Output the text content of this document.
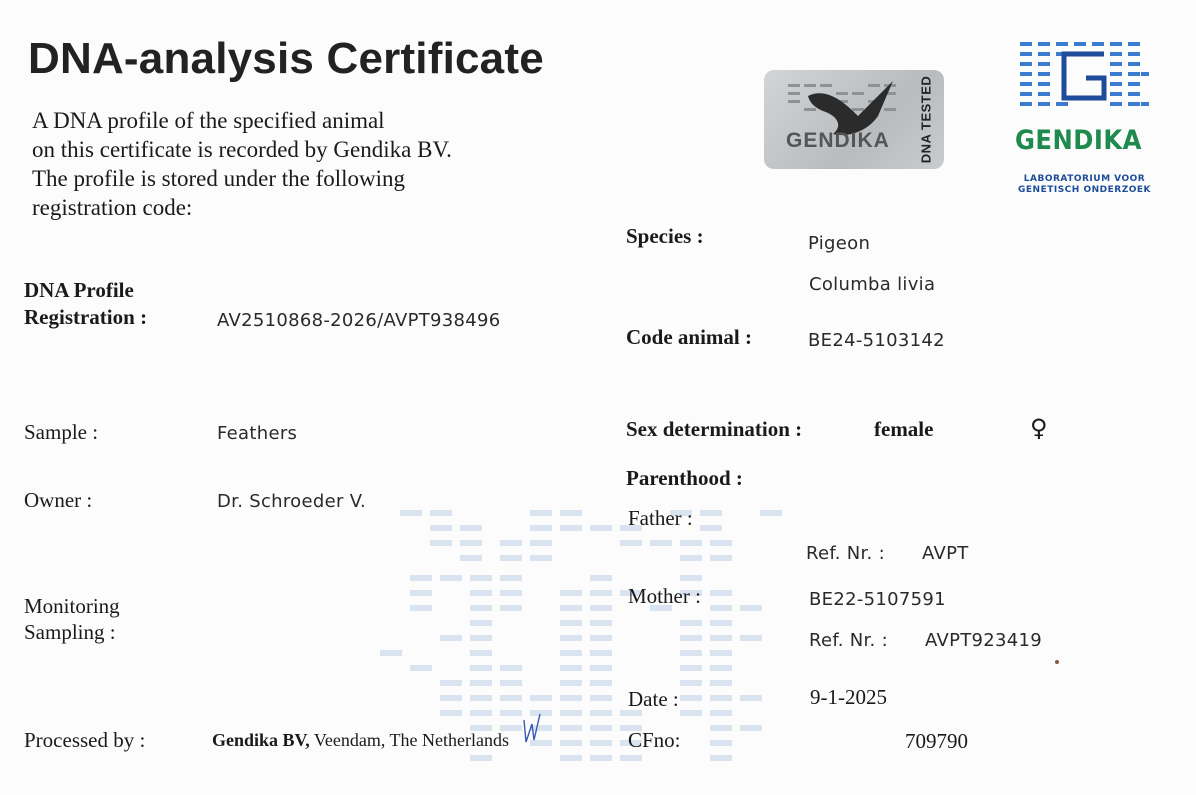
DNA-analysis Certificate
A DNA profile of the specified animal
on this certificate is recorded by Gendika BV.
The profile is stored under the following
registration code:
GENDIKA DNA TESTED	GENDIKA
LABORATORIUM VOOR
GENETISCH ONDERZOEK
DNA Profile
Registration :	AV2510868-2026/AVPT938496
Sample :	Feathers
Owner :	Dr. Schroeder V.
Monitoring
Sampling :
Processed by :	Gendika BV, Veendam, The Netherlands
Species :	Pigeon
Columba livia
Code animal :	BE24-5103142
Sex determination :	female	♀
Parenthood :
Father :
Ref. Nr. : AVPT
Mother :	BE22-5107591
Ref. Nr. : AVPT923419
Date :	9-1-2025
CFno:	709790
